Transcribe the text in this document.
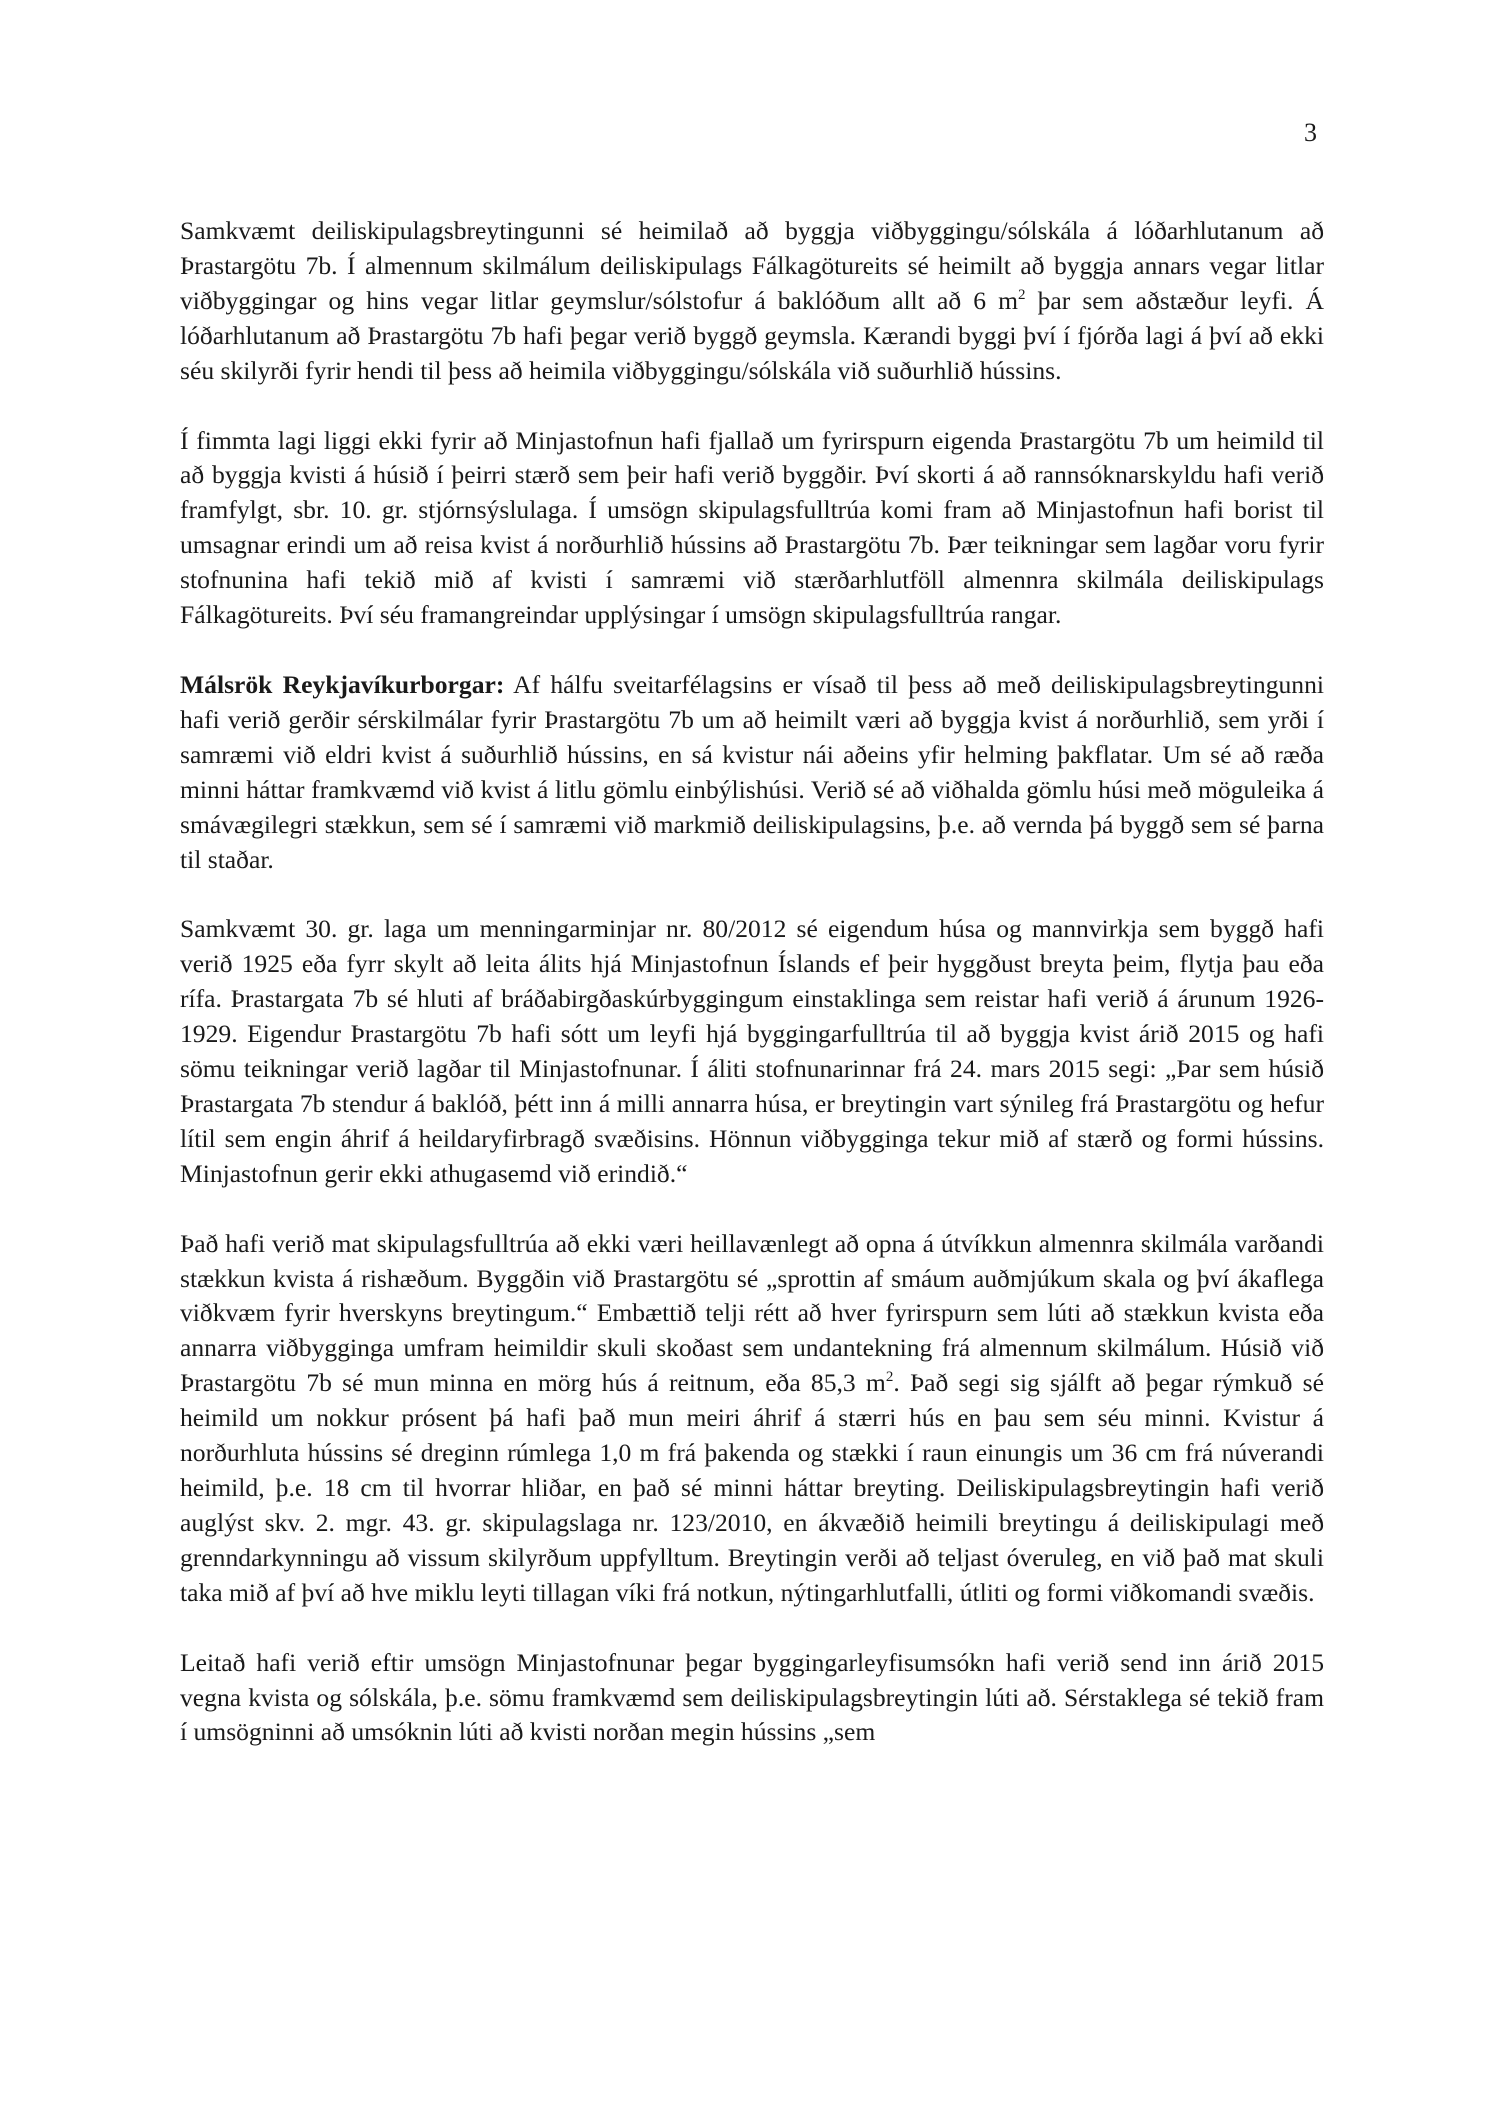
3

Samkvæmt deiliskipulagsbreytingunni sé heimilað að byggja viðbyggingu/sólskála á lóðarhlutanum að Þrastargötu 7b. Í almennum skilmálum deiliskipulags Fálkagötureits sé heimilt að byggja annars vegar litlar viðbyggingar og hins vegar litlar geymslur/sólstofur á baklóðum allt að 6 $m^2$ þar sem aðstæður leyfi. Á lóðarhlutanum að Þrastargötu 7b hafi þegar verið byggð geymsla. Kærandi byggi því í fjórða lagi á því að ekki séu skilyrði fyrir hendi til þess að heimila viðbyggingu/sólskála við suðurhlið hússins.

Í fimmta lagi liggi ekki fyrir að Minjastofnun hafi fjallað um fyrirspurn eigenda Þrastargötu 7b um heimild til að byggja kvisti á húsið í þeirri stærð sem þeir hafi verið byggðir. Því skorti á að rannsóknarskyldu hafi verið framfylgt, sbr. 10. gr. stjórnsýslulaga. Í umsögn skipulagsfulltrúa komi fram að Minjastofnun hafi borist til umsagnar erindi um að reisa kvist á norðurhlið hússins að Þrastargötu 7b. Þær teikningar sem lagðar voru fyrir stofnunina hafi tekið mið af kvisti í samræmi við stærðarhlutföll almennra skilmála deiliskipulags Fálkagötureits. Því séu framangreindar upplýsingar í umsögn skipulagsfulltrúa rangar.

Málsrök Reykjavíkurborgar: Af hálfu sveitarfélagsins er vísað til þess að með deiliskipulagsbreytingunni hafi verið gerðir sérskilmálar fyrir Þrastargötu 7b um að heimilt væri að byggja kvist á norðurhlið, sem yrði í samræmi við eldri kvist á suðurhlið hússins, en sá kvistur nái aðeins yfir helming þakflatar. Um sé að ræða minni háttar framkvæmd við kvist á litlu gömlu einbýlishúsi. Verið sé að viðhalda gömlu húsi með möguleika á smávægilegri stækkun, sem sé í samræmi við markmið deiliskipulagsins, þ.e. að vernda þá byggð sem sé þarna til staðar.

Samkvæmt 30. gr. laga um menningarminjar nr. 80/2012 sé eigendum húsa og mannvirkja sem byggð hafi verið 1925 eða fyrr skylt að leita álits hjá Minjastofnun Íslands ef þeir hyggðust breyta þeim, flytja þau eða rífa. Þrastargata 7b sé hluti af bráðabirgðaskúrbyggingum einstaklinga sem reistar hafi verið á árunum 1926-1929. Eigendur Þrastargötu 7b hafi sótt um leyfi hjá byggingarfulltrúa til að byggja kvist árið 2015 og hafi sömu teikningar verið lagðar til Minjastofnunar. Í áliti stofnunarinnar frá 24. mars 2015 segi: „Þar sem húsið Þrastargata 7b stendur á baklóð, þétt inn á milli annarra húsa, er breytingin vart sýnileg frá Þrastargötu og hefur lítil sem engin áhrif á heildaryfirbragð svæðisins. Hönnun viðbygginga tekur mið af stærð og formi hússins. Minjastofnun gerir ekki athugasemd við erindið.“

Það hafi verið mat skipulagsfulltrúa að ekki væri heillavænlegt að opna á útvíkkun almennra skilmála varðandi stækkun kvista á rishæðum. Byggðin við Þrastargötu sé „sprottin af smáum auðmjúkum skala og því ákaflega viðkvæm fyrir hverskyns breytingum.“ Embættið telji rétt að hver fyrirspurn sem lúti að stækkun kvista eða annarra viðbygginga umfram heimildir skuli skoðast sem undantekning frá almennum skilmálum. Húsið við Þrastargötu 7b sé mun minna en mörg hús á reitnum, eða 85,3 $m^2$. Það segi sig sjálft að þegar rýmkuð sé heimild um nokkur prósent þá hafi það mun meiri áhrif á stærri hús en þau sem séu minni. Kvistur á norðurhluta hússins sé dreginn rúmlega 1,0 m frá þakenda og stækki í raun einungis um 36 cm frá núverandi heimild, þ.e. 18 cm til hvorrar hliðar, en það sé minni háttar breyting. Deiliskipulagsbreytingin hafi verið auglýst skv. 2. mgr. 43. gr. skipulagslaga nr. 123/2010, en ákvæðið heimili breytingu á deiliskipulagi með grenndarkynningu að vissum skilyrðum uppfylltum. Breytingin verði að teljast óveruleg, en við það mat skuli taka mið af því að hve miklu leyti tillagan víki frá notkun, nýtingarhlutfalli, útliti og formi viðkomandi svæðis.

Leitað hafi verið eftir umsögn Minjastofnunar þegar byggingarleyfisumsókn hafi verið send inn árið 2015 vegna kvista og sólskála, þ.e. sömu framkvæmd sem deiliskipulagsbreytingin lúti að. Sérstaklega sé tekið fram í umsögninni að umsóknin lúti að kvisti norðan megin hússins „sem
